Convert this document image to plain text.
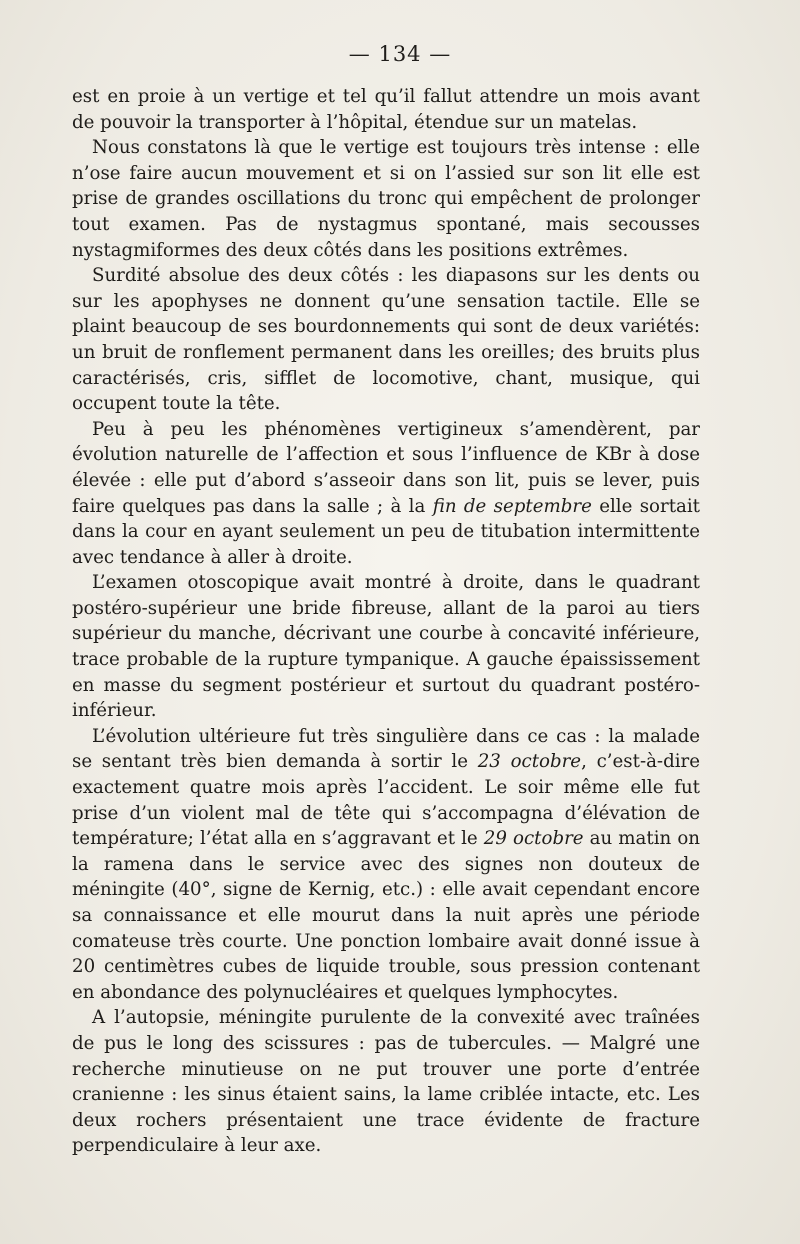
— 134 —

est en proie à un vertige et tel qu’il fallut attendre un mois avant de pouvoir la transporter à l’hôpital, étendue sur un matelas.

Nous constatons là que le vertige est toujours très intense : elle n’ose faire aucun mouvement et si on l’assied sur son lit elle est prise de grandes oscillations du tronc qui empêchent de prolonger tout examen. Pas de nystagmus spontané, mais secousses nystagmiformes des deux côtés dans les positions extrêmes.

Surdité absolue des deux côtés : les diapasons sur les dents ou sur les apophyses ne donnent qu’une sensation tactile. Elle se plaint beaucoup de ses bourdonnements qui sont de deux variétés: un bruit de ronflement permanent dans les oreilles; des bruits plus caractérisés, cris, sifflet de locomotive, chant, musique, qui occupent toute la tête.

Peu à peu les phénomènes vertigineux s’amendèrent, par évolution naturelle de l’affection et sous l’influence de KBr à dose élevée : elle put d’abord s’asseoir dans son lit, puis se lever, puis faire quelques pas dans la salle ; à la fin de septembre elle sortait dans la cour en ayant seulement un peu de titubation intermittente avec tendance à aller à droite.

L’examen otoscopique avait montré à droite, dans le quadrant postéro-supérieur une bride fibreuse, allant de la paroi au tiers supérieur du manche, décrivant une courbe à concavité inférieure, trace probable de la rupture tympanique. A gauche épaississement en masse du segment postérieur et surtout du quadrant postéro-inférieur.

L’évolution ultérieure fut très singulière dans ce cas : la malade se sentant très bien demanda à sortir le 23 octobre, c’est-à-dire exactement quatre mois après l’accident. Le soir même elle fut prise d’un violent mal de tête qui s’accompagna d’élévation de température; l’état alla en s’aggravant et le 29 octobre au matin on la ramena dans le service avec des signes non douteux de méningite (40°, signe de Kernig, etc.) : elle avait cependant encore sa connaissance et elle mourut dans la nuit après une période comateuse très courte. Une ponction lombaire avait donné issue à 20 centimètres cubes de liquide trouble, sous pression contenant en abondance des polynucléaires et quelques lymphocytes.

A l’autopsie, méningite purulente de la convexité avec traînées de pus le long des scissures : pas de tubercules. — Malgré une recherche minutieuse on ne put trouver une porte d’entrée cranienne : les sinus étaient sains, la lame criblée intacte, etc. Les deux rochers présentaient une trace évidente de fracture perpendiculaire à leur axe.
